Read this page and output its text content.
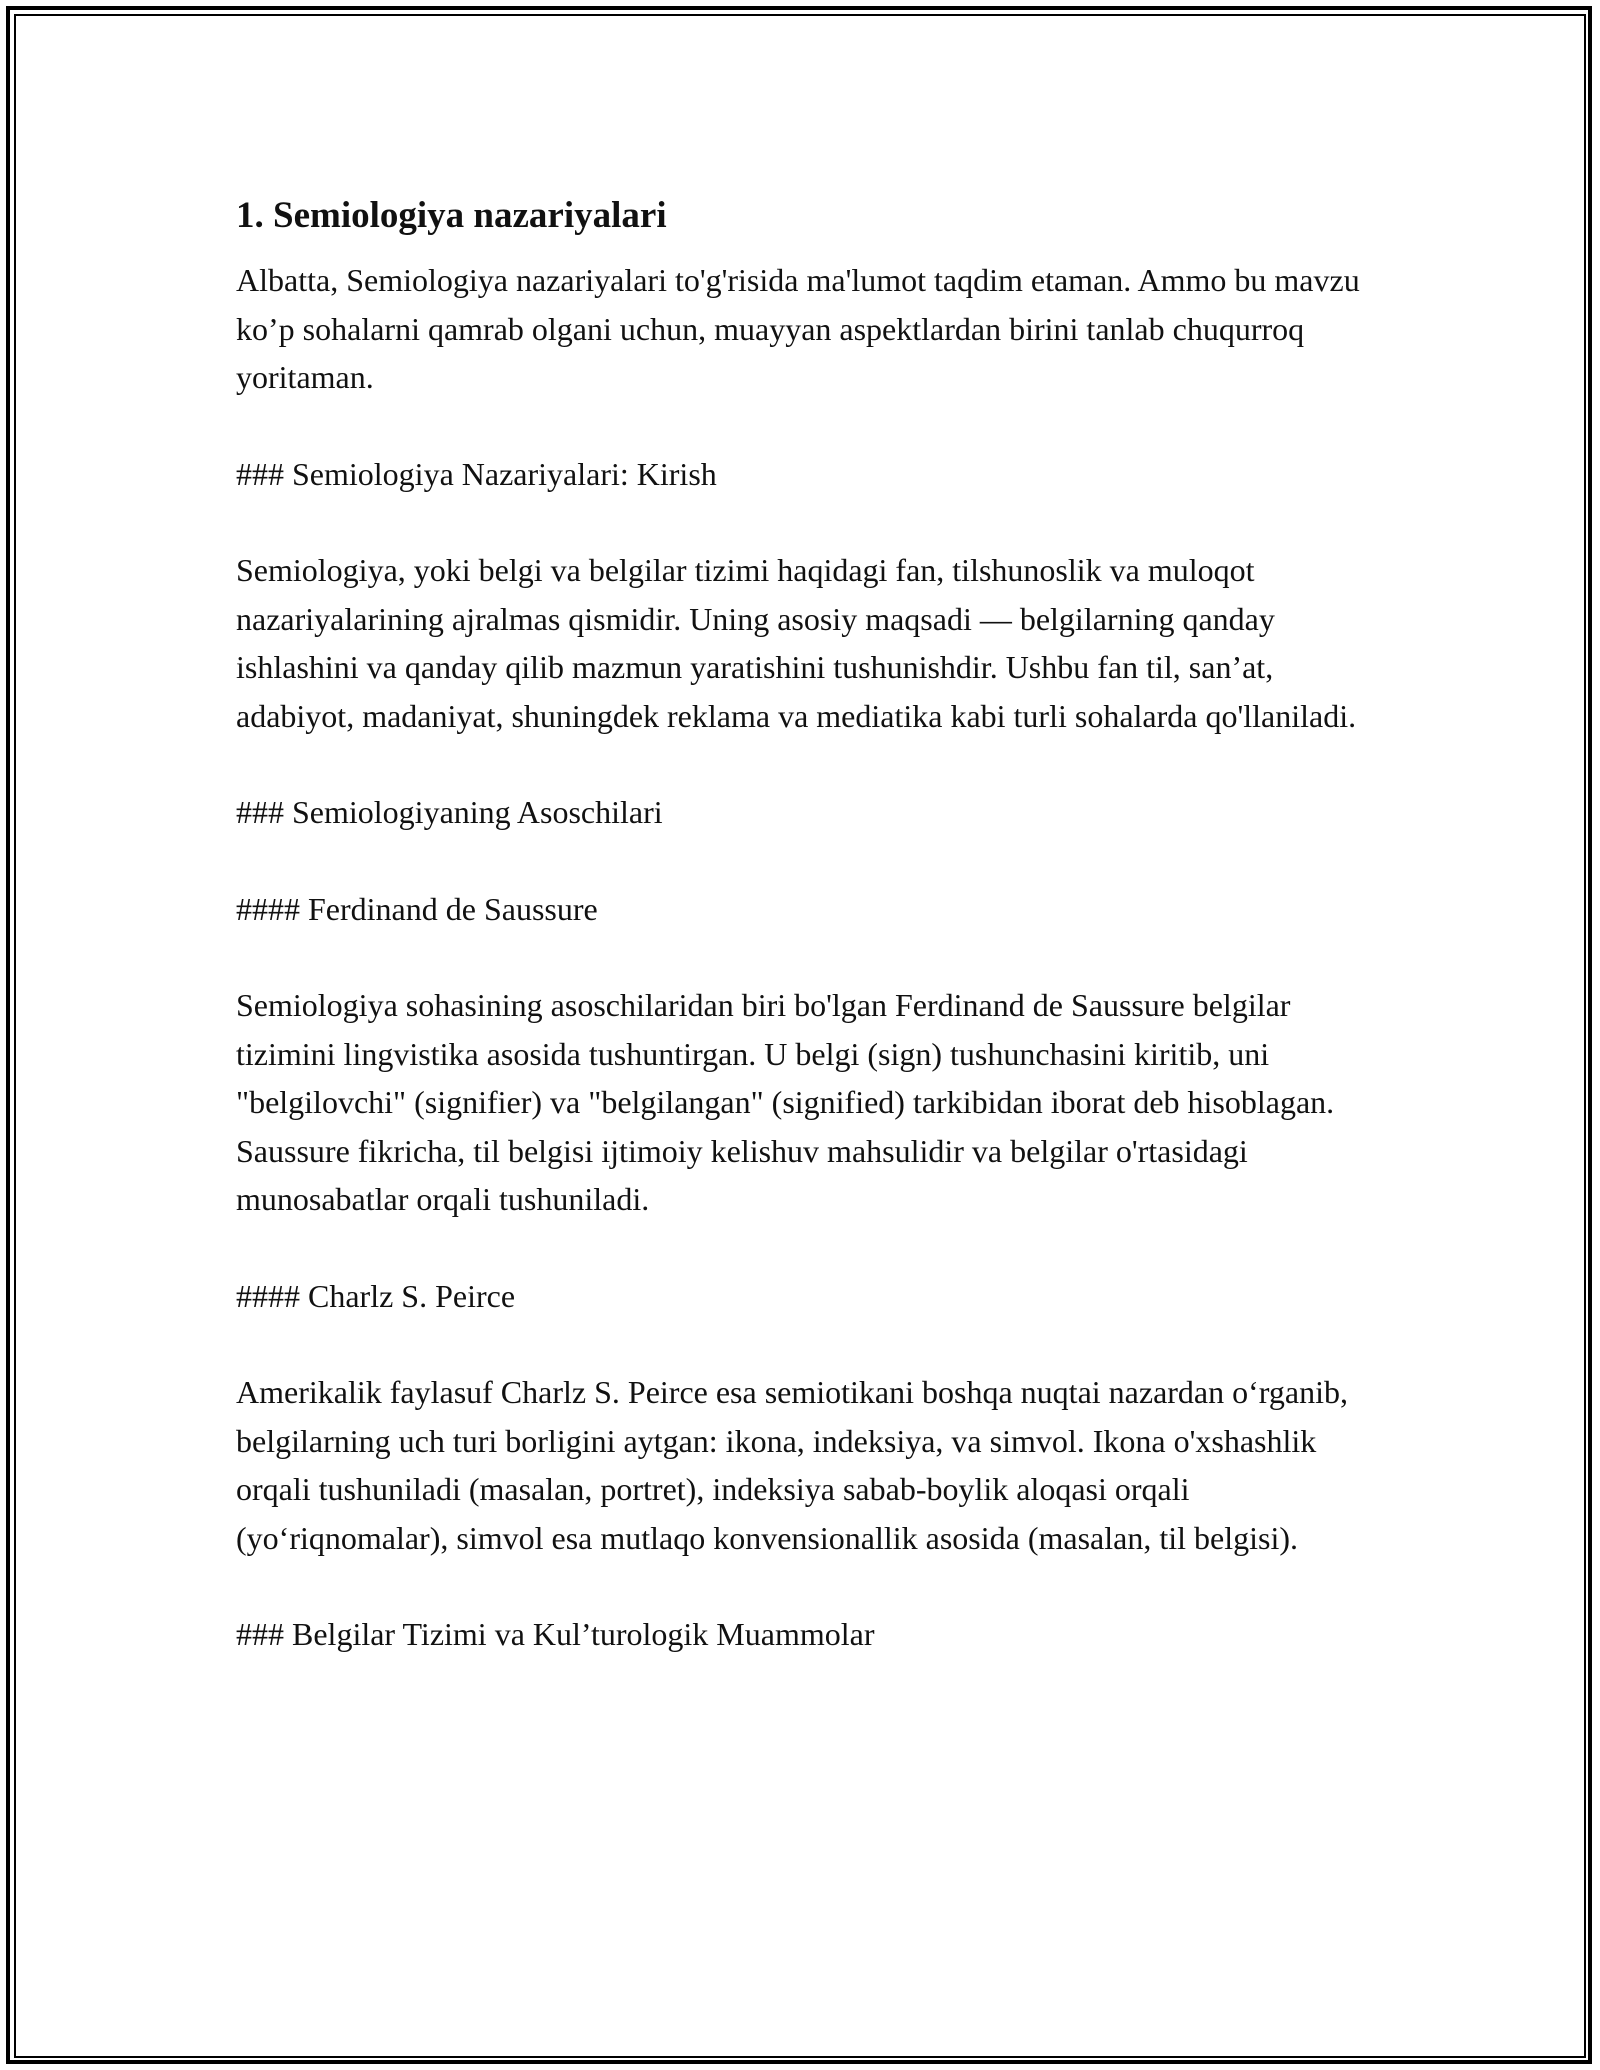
1. Semiologiya nazariyalari

Albatta, Semiologiya nazariyalari to'g'risida ma'lumot taqdim etaman. Ammo bu mavzu ko’p sohalarni qamrab olgani uchun, muayyan aspektlardan birini tanlab chuqurroq yoritaman.

### Semiologiya Nazariyalari: Kirish

Semiologiya, yoki belgi va belgilar tizimi haqidagi fan, tilshunoslik va muloqot nazariyalarining ajralmas qismidir. Uning asosiy maqsadi — belgilarning qanday ishlashini va qanday qilib mazmun yaratishini tushunishdir. Ushbu fan til, san’at, adabiyot, madaniyat, shuningdek reklama va mediatika kabi turli sohalarda qo'llaniladi.

### Semiologiyaning Asoschilari

#### Ferdinand de Saussure

Semiologiya sohasining asoschilaridan biri bo'lgan Ferdinand de Saussure belgilar tizimini lingvistika asosida tushuntirgan. U belgi (sign) tushunchasini kiritib, uni "belgilovchi" (signifier) va "belgilangan" (signified) tarkibidan iborat deb hisoblagan. Saussure fikricha, til belgisi ijtimoiy kelishuv mahsulidir va belgilar o'rtasidagi munosabatlar orqali tushuniladi.

#### Charlz S. Peirce

Amerikalik faylasuf Charlz S. Peirce esa semiotikani boshqa nuqtai nazardan o‘rganib, belgilarning uch turi borligini aytgan: ikona, indeksiya, va simvol. Ikona o'xshashlik orqali tushuniladi (masalan, portret), indeksiya sabab-boylik aloqasi orqali (yo‘riqnomalar), simvol esa mutlaqo konvensionallik asosida (masalan, til belgisi).

### Belgilar Tizimi va Kul’turologik Muammolar
